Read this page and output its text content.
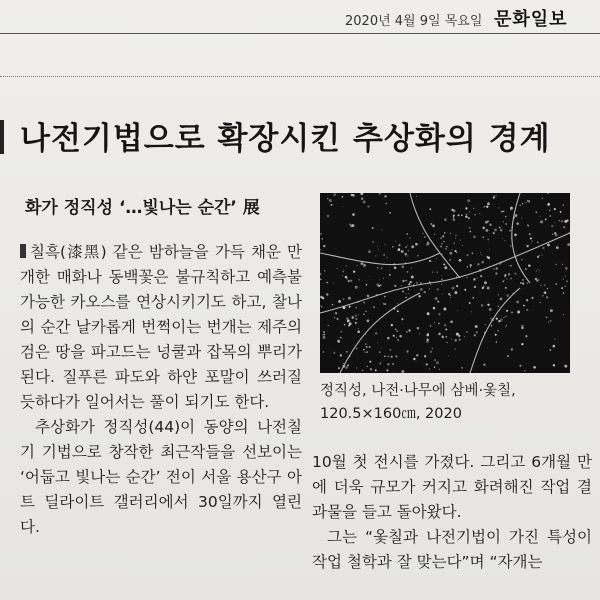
2020년 4월 9일 목요일 문화일보
나전기법으로 확장시킨 추상화의 경계
화가 정직성 ‘…빛나는 순간’ 展

칠흑(漆黑) 같은 밤하늘을 가득 채운 만개한 매화나 동백꽃은 불규칙하고 예측불가능한 카오스를 연상시키기도 하고, 찰나의 순간 날카롭게 번쩍이는 번개는 제주의 검은 땅을 파고드는 넝쿨과 잡목의 뿌리가 된다. 질푸른 파도와 하얀 포말이 쓰러질듯하다가 일어서는 풀이 되기도 한다.

추상화가 정직성(44)이 동양의 나전칠기 기법으로 창작한 최근작들을 선보이는 ‘어둡고 빛나는 순간’ 전이 서울 용산구 아트 딜라이트 갤러리에서 30일까지 열린다.

정직성, 나전·나무에 삼베·옻칠, 120.5×160㎝, 2020

10월 첫 전시를 가졌다. 그리고 6개월 만에 더욱 규모가 커지고 화려해진 작업 결과물을 들고 돌아왔다.

그는 “옻칠과 나전기법이 가진 특성이 작업 철학과 잘 맞는다”며 “자개는
